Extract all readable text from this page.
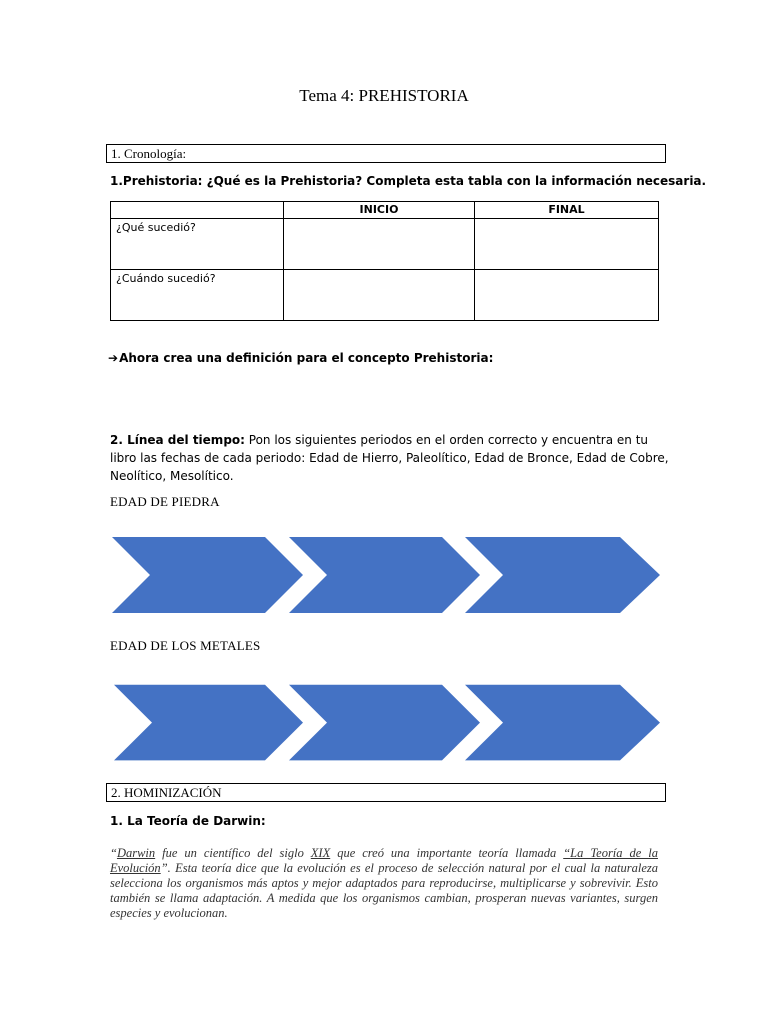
Tema 4: PREHISTORIA
1. Cronología:
1.Prehistoria: ¿Qué es la Prehistoria? Completa esta tabla con la información necesaria.
	INICIO	FINAL
¿Qué sucedió?		
¿Cuándo sucedió?		
➔Ahora crea una definición para el concepto Prehistoria:
2. Línea del tiempo: Pon los siguientes periodos en el orden correcto y encuentra en tu libro las fechas de cada periodo: Edad de Hierro, Paleolítico, Edad de Bronce, Edad de Cobre, Neolítico, Mesolítico.
EDAD DE PIEDRA
EDAD DE LOS METALES
2. HOMINIZACIÓN
1. La Teoría de Darwin:
“Darwin fue un científico del siglo XIX que creó una importante teoría llamada “La Teoría de la Evolución”. Esta teoría dice que la evolución es el proceso de selección natural por el cual la naturaleza selecciona los organismos más aptos y mejor adaptados para reproducirse, multiplicarse y sobrevivir. Esto también se llama adaptación. A medida que los organismos cambian, prosperan nuevas variantes, surgen especies y evolucionan.
